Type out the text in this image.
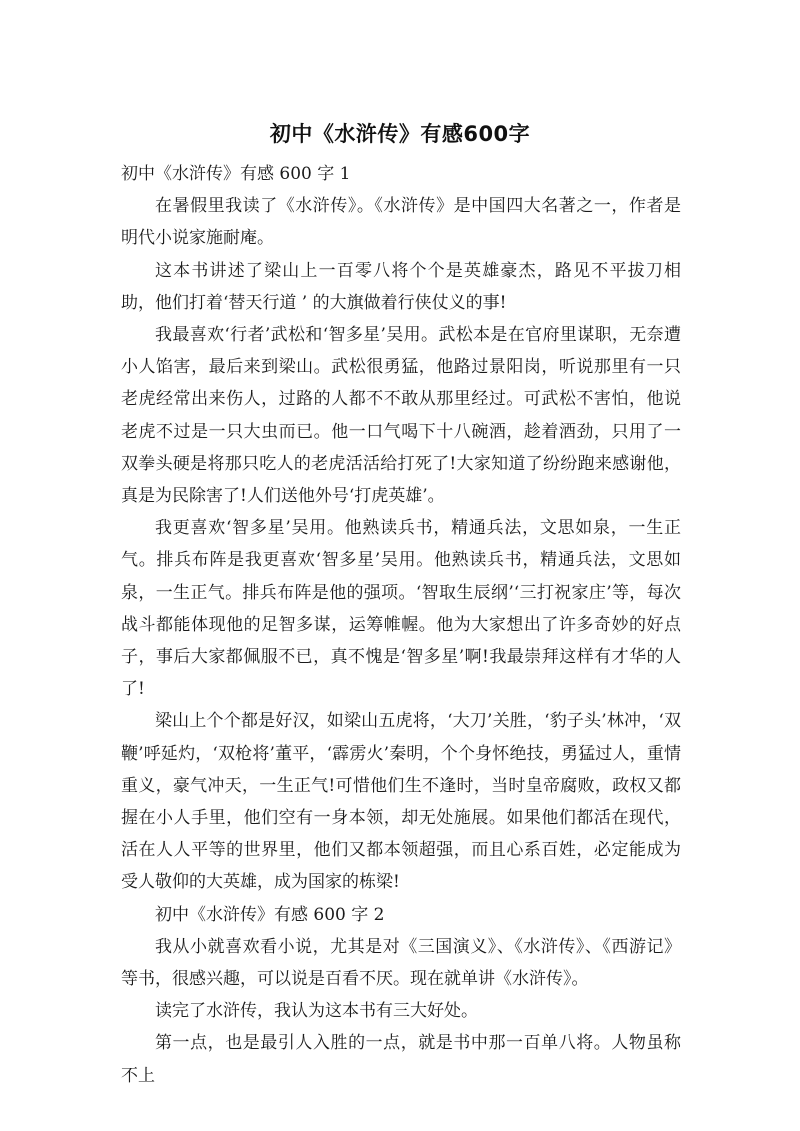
初中《水浒传》有感600字

初中《水浒传》有感 600 字 1

在暑假里我读了《水浒传》。《水浒传》是中国四大名著之一，作者是明代小说家施耐庵。

这本书讲述了梁山上一百零八将个个是英雄豪杰，路见不平拔刀相助，他们打着‘替天行道 ’ 的大旗做着行侠仗义的事!

我最喜欢‘行者’武松和‘智多星’吴用。武松本是在官府里谋职，无奈遭小人馅害，最后来到梁山。武松很勇猛，他路过景阳岗，听说那里有一只老虎经常出来伤人，过路的人都不不敢从那里经过。可武松不害怕，他说老虎不过是一只大虫而已。他一口气喝下十八碗酒，趁着酒劲，只用了一双拳头硬是将那只吃人的老虎活活给打死了!大家知道了纷纷跑来感谢他，真是为民除害了!人们送他外号‘打虎英雄’。

我更喜欢‘智多星’吴用。他熟读兵书，精通兵法，文思如泉，一生正气。排兵布阵是我更喜欢‘智多星’吴用。他熟读兵书，精通兵法，文思如泉，一生正气。排兵布阵是他的强项。‘智取生辰纲’‘三打祝家庄’等，每次战斗都能体现他的足智多谋，运筹帷幄。他为大家想出了许多奇妙的好点子，事后大家都佩服不已，真不愧是‘智多星’啊!我最崇拜这样有才华的人了!

梁山上个个都是好汉，如梁山五虎将，‘大刀’关胜，‘豹子头’林冲，‘双鞭’呼延灼，‘双枪将’董平，‘霹雳火’秦明，个个身怀绝技，勇猛过人，重情重义，豪气冲天，一生正气!可惜他们生不逢时，当时皇帝腐败，政权又都握在小人手里，他们空有一身本领，却无处施展。如果他们都活在现代，活在人人平等的世界里，他们又都本领超强，而且心系百姓，必定能成为受人敬仰的大英雄，成为国家的栋梁!

初中《水浒传》有感 600 字 2

我从小就喜欢看小说，尤其是对《三国演义》、《水浒传》、《西游记》等书，很感兴趣，可以说是百看不厌。现在就单讲《水浒传》。

读完了水浒传，我认为这本书有三大好处。

第一点，也是最引人入胜的一点，就是书中那一百单八将。人物虽称不上
